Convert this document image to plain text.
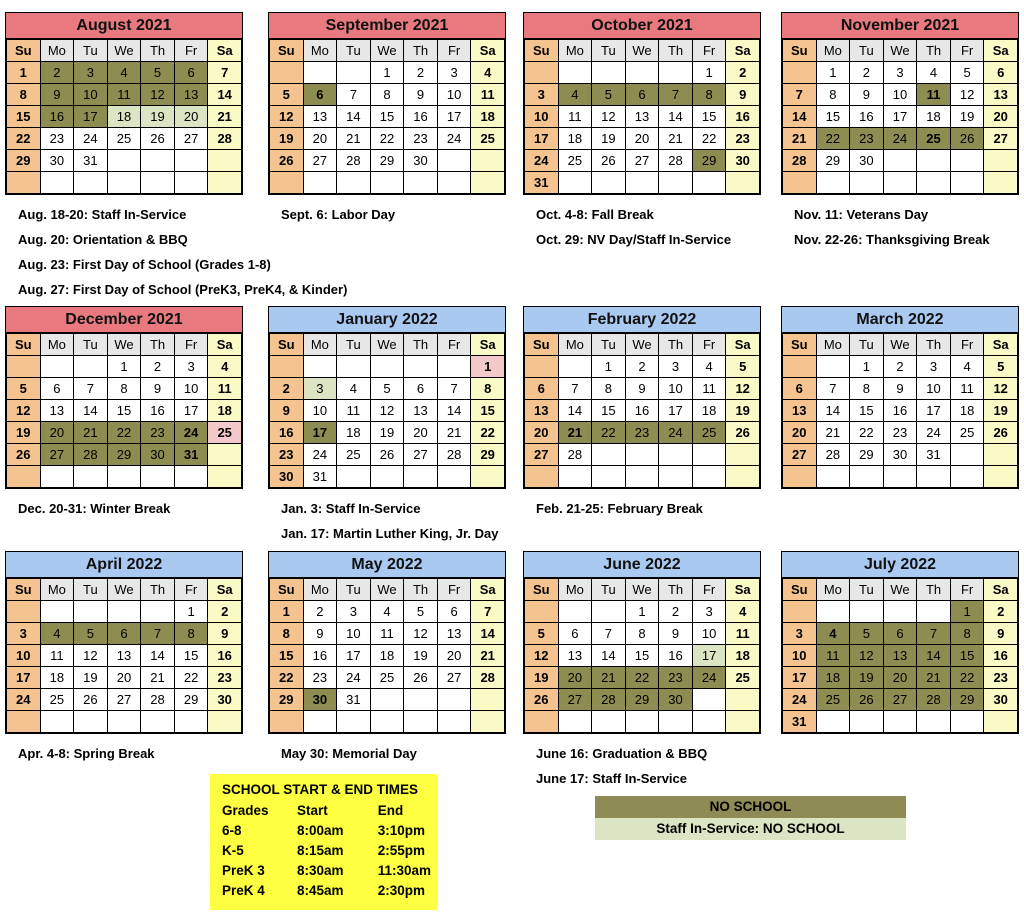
August 2021
Su	Mo	Tu	We	Th	Fr	Sa
1	2	3	4	5	6	7
8	9	10	11	12	13	14
15	16	17	18	19	20	21
22	23	24	25	26	27	28
29	30	31				

Aug. 18-20: Staff In-Service
Aug. 20: Orientation & BBQ
Aug. 23: First Day of School (Grades 1-8)
Aug. 27: First Day of School (PreK3, PreK4, & Kinder)
September 2021
Su	Mo	Tu	We	Th	Fr	Sa
			1	2	3	4
5	6	7	8	9	10	11
12	13	14	15	16	17	18
19	20	21	22	23	24	25
26	27	28	29	30		

Sept. 6: Labor Day
October 2021
Su	Mo	Tu	We	Th	Fr	Sa
					1	2
3	4	5	6	7	8	9
10	11	12	13	14	15	16
17	18	19	20	21	22	23
24	25	26	27	28	29	30
31						
Oct. 4-8: Fall Break
Oct. 29: NV Day/Staff In-Service
November 2021
Su	Mo	Tu	We	Th	Fr	Sa
	1	2	3	4	5	6
7	8	9	10	11	12	13
14	15	16	17	18	19	20
21	22	23	24	25	26	27
28	29	30				

Nov. 11: Veterans Day
Nov. 22-26: Thanksgiving Break
December 2021
Su	Mo	Tu	We	Th	Fr	Sa
			1	2	3	4
5	6	7	8	9	10	11
12	13	14	15	16	17	18
19	20	21	22	23	24	25
26	27	28	29	30	31	

Dec. 20-31: Winter Break
January 2022
Su	Mo	Tu	We	Th	Fr	Sa
						1
2	3	4	5	6	7	8
9	10	11	12	13	14	15
16	17	18	19	20	21	22
23	24	25	26	27	28	29
30	31					
Jan. 3: Staff In-Service
Jan. 17: Martin Luther King, Jr. Day
February 2022
Su	Mo	Tu	We	Th	Fr	Sa
		1	2	3	4	5
6	7	8	9	10	11	12
13	14	15	16	17	18	19
20	21	22	23	24	25	26
27	28					

Feb. 21-25: February Break
March 2022
Su	Mo	Tu	We	Th	Fr	Sa
		1	2	3	4	5
6	7	8	9	10	11	12
13	14	15	16	17	18	19
20	21	22	23	24	25	26
27	28	29	30	31		

April 2022
Su	Mo	Tu	We	Th	Fr	Sa
					1	2
3	4	5	6	7	8	9
10	11	12	13	14	15	16
17	18	19	20	21	22	23
24	25	26	27	28	29	30

Apr. 4-8: Spring Break
May 2022
Su	Mo	Tu	We	Th	Fr	Sa
1	2	3	4	5	6	7
8	9	10	11	12	13	14
15	16	17	18	19	20	21
22	23	24	25	26	27	28
29	30	31				

May 30: Memorial Day
June 2022
Su	Mo	Tu	We	Th	Fr	Sa
			1	2	3	4
5	6	7	8	9	10	11
12	13	14	15	16	17	18
19	20	21	22	23	24	25
26	27	28	29	30		

June 16: Graduation & BBQ
June 17: Staff In-Service
July 2022
Su	Mo	Tu	We	Th	Fr	Sa
					1	2
3	4	5	6	7	8	9
10	11	12	13	14	15	16
17	18	19	20	21	22	23
24	25	26	27	28	29	30
31						
SCHOOL START & END TIMES
Grades	Start	End
6-8	8:00am	3:10pm
K-5	8:15am	2:55pm
PreK 3	8:30am	11:30am
PreK 4	8:45am	2:30pm
NO SCHOOL
Staff In-Service: NO SCHOOL
